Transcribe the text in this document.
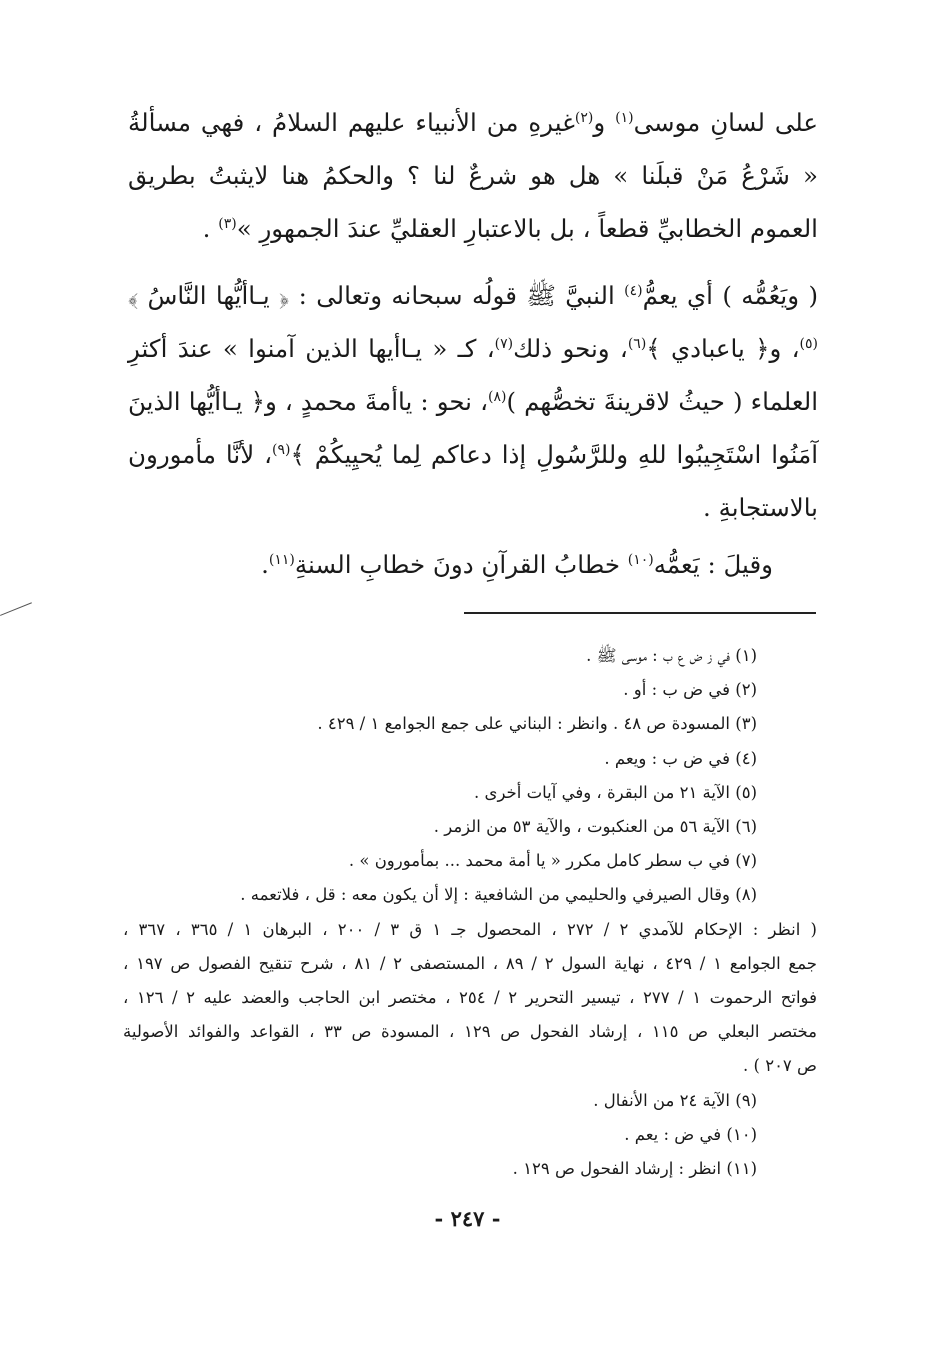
على لسانِ موسى$^{(١)}$ و$^{(٢)}$غيرهِ من الأنبياء عليهم السلامُ ، فهي مسألةُ « شَرْعُ مَنْ قبلَنا » هل هو شرعٌ لنا ؟ والحكمُ هنا لايثبتُ بطريق العموم الخطابيِّ قطعاً ، بل بالاعتبارِ العقليِّ عندَ الجمهورِ »$^{(٣)}$ .

( ويَعُمُّه ) أي يعمُّ$^{(٤)}$ النبيَّ ﷺ قولُه سبحانه وتعالى : ﴿ يـاأيُّها النَّاسُ ﴾$^{(٥)}$، و﴿ ياعبادي ﴾$^{(٦)}$، ونحو ذلك$^{(٧)}$، كـ « يـاأيها الذين آمنوا » عندَ أكثرِ العلماء ( حيثُ لاقرينةَ تخصُّهم )$^{(٨)}$، نحو : ياأمةَ محمدٍ ، و﴿ يـاأيُّها الذينَ آمَنُوا اسْتَجِيبُوا للهِ وللرَّسُولِ إذا دعاكم لِما يُحيِيكُمْ ﴾$^{(٩)}$، لأنَّا مأمورون بالاستجابةِ .

وقيلَ : يَعمُّه$^{(١٠)}$ خطابُ القرآنِ دونَ خطابِ السنةِ$^{(١١)}$.

(١) في ز ض ع ب : موسى ﷺ .

(٢) في ض ب : أو .

(٣) المسودة ص ٤٨ . وانظر : البناني على جمع الجوامع ١ / ٤٢٩ .

(٤) في ض ب : ويعم .

(٥) الآية ٢١ من البقرة ، وفي آيات أخرى .

(٦) الآية ٥٦ من العنكبوت ، والآية ٥٣ من الزمر .

(٧) في ب سطر كامل مكرر « يا أمة محمد ... بمأمورون » .

(٨) وقال الصيرفي والحليمي من الشافعية : إلا أن يكون معه : قل ، فلاتعمه .

( انظر : الإحكام للآمدي ٢ / ٢٧٢ ، المحصول جـ ١ ق ٣ / ٢٠٠ ، البرهان ١ / ٣٦٥ ، ٣٦٧ ،

جمع الجوامع ١ / ٤٢٩ ، نهاية السول ٢ / ٨٩ ، المستصفى ٢ / ٨١ ، شرح تنقيح الفصول ص ١٩٧ ،

فواتح الرحموت ١ / ٢٧٧ ، تيسير التحرير ٢ / ٢٥٤ ، مختصر ابن الحاجب والعضد عليه ٢ / ١٢٦ ،

مختصر البعلي ص ١١٥ ، إرشاد الفحول ص ١٢٩ ، المسودة ص ٣٣ ، القواعد والفوائد الأصولية

ص ٢٠٧ ) .

(٩) الآية ٢٤ من الأنفال .

(١٠) في ض : يعم .

(١١) انظر : إرشاد الفحول ص ١٢٩ .

- ٢٤٧ -
